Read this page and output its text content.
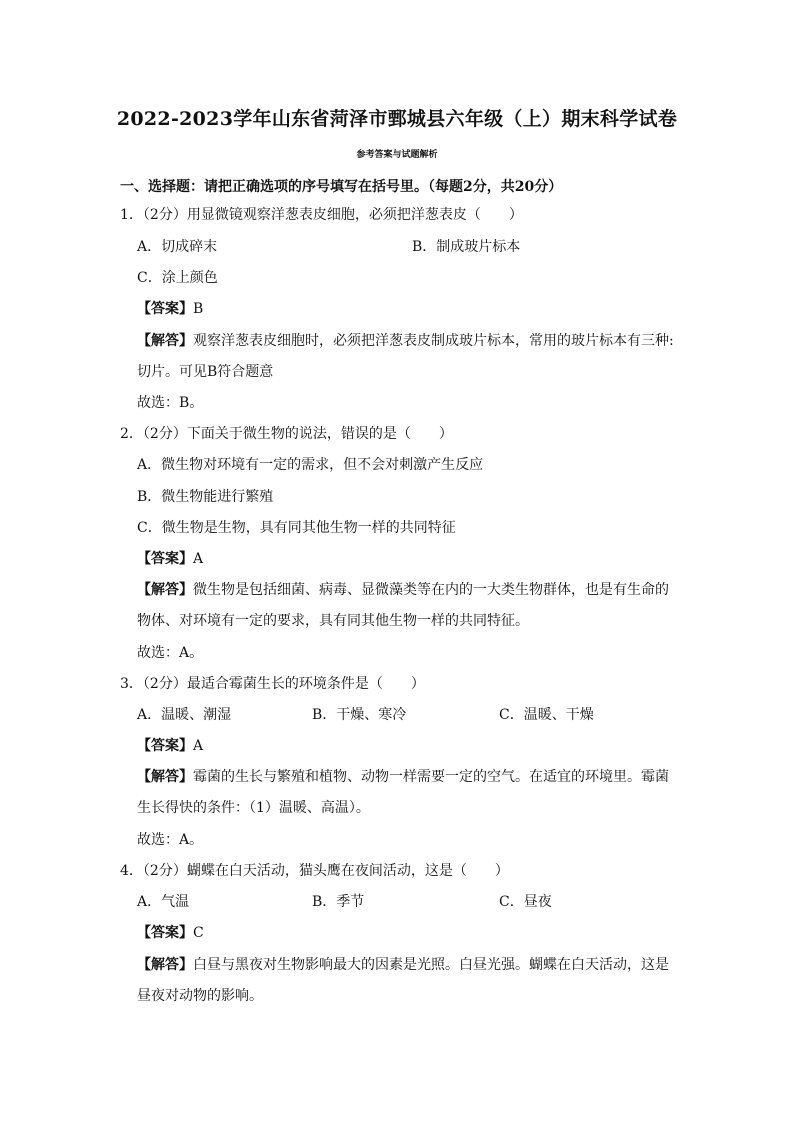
2022-2023学年山东省菏泽市鄄城县六年级（上）期末科学试卷
参考答案与试题解析
一、选择题：请把正确选项的序号填写在括号里。（每题2分，共20分）
1．（2分）用显微镜观察洋葱表皮细胞，必须把洋葱表皮（　　）
A．切成碎末	B．制成玻片标本
C．涂上颜色
【答案】B
【解答】观察洋葱表皮细胞时，必须把洋葱表皮制成玻片标本，常用的玻片标本有三种:
切片。可见B符合题意
故选：B。
2．（2分）下面关于微生物的说法，错误的是（　　）
A．微生物对环境有一定的需求，但不会对刺激产生反应
B．微生物能进行繁殖
C．微生物是生物，具有同其他生物一样的共同特征
【答案】A
【解答】微生物是包括细菌、病毒、显微藻类等在内的一大类生物群体，也是有生命的
物体、对环境有一定的要求，具有同其他生物一样的共同特征。
故选：A。
3．（2分）最适合霉菌生长的环境条件是（　　）
A．温暖、潮湿	B．干燥、寒冷	C．温暖、干燥
【答案】A
【解答】霉菌的生长与繁殖和植物、动物一样需要一定的空气。在适宜的环境里。霉菌
生长得快的条件：（1）温暖、高温）。
故选：A。
4．（2分）蝴蝶在白天活动，猫头鹰在夜间活动，这是（　　）
A．气温	B．季节	C．昼夜
【答案】C
【解答】白昼与黑夜对生物影响最大的因素是光照。白昼光强。蝴蝶在白天活动，这是
昼夜对动物的影响。
